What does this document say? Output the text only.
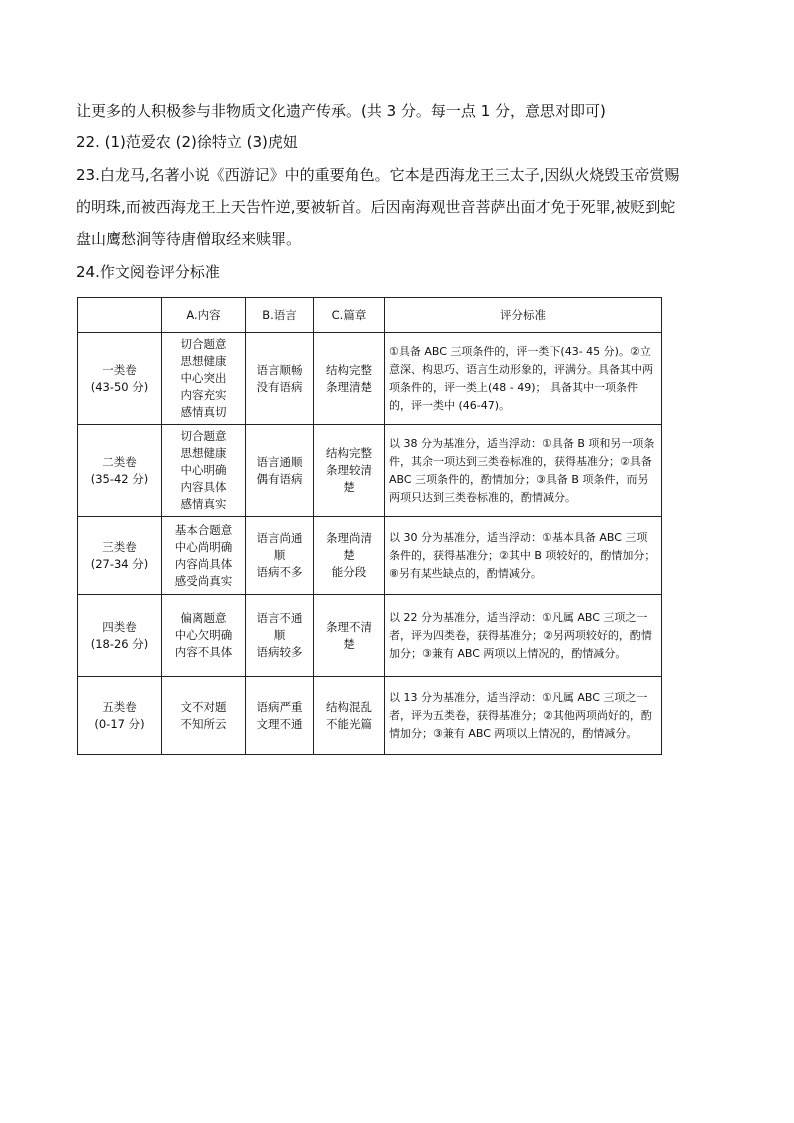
让更多的人积极参与非物质文化遗产传承。(共 3 分。每一点 1 分，意思对即可)
22. (1)范爱农 (2)徐特立 (3)虎妞
23.白龙马,名著小说《西游记》中的重要角色。它本是西海龙王三太子,因纵火烧毁玉帝赏赐
的明珠,而被西海龙王上天告忤逆,要被斩首。后因南海观世音菩萨出面才免于死罪,被贬到蛇
盘山鹰愁涧等待唐僧取经来赎罪。
24.作文阅卷评分标准
	A.内容	B.语言	C.篇章	评分标准
一类卷
(43-50 分)	切合题意
思想健康
中心突出
内容充实
感情真切	语言顺畅
没有语病	结构完整
条理清楚	①具备 ABC 三项条件的，评一类下(43- 45 分)。②立意深、构思巧、语言生动形象的，评满分。具备其中两项条件的，评一类上(48 - 49)； 具备其中一项条件的，评一类中 (46-47)。
二类卷
(35-42 分)	切合题意
思想健康
中心明确
内容具体
感情真实	语言通顺
偶有语病	结构完整
条理较清
楚	以 38 分为基准分，适当浮动：①具备 B 项和另一项条件，其余一项达到三类卷标准的，获得基准分；②具备 ABC 三项条件的，酌情加分；③具备 B 项条件，而另两项只达到三类卷标准的，酌情减分。
三类卷
(27-34 分)	基本合题意
中心尚明确
内容尚具体
感受尚真实	语言尚通
顺
语病不多	条理尚清
楚
能分段	以 30 分为基准分，适当浮动：①基本具备 ABC 三项条件的，获得基准分；②其中 B 项较好的，酌情加分；⑧另有某些缺点的，酌情减分。
四类卷
(18-26 分)	偏离题意
中心欠明确
内容不具体	语言不通
顺
语病较多	条理不清
楚	以 22 分为基准分，适当浮动：①凡属 ABC 三项之一者，评为四类卷，获得基准分；②另两项较好的，酌情加分；③兼有 ABC 两项以上情况的，酌情减分。
五类卷
(0-17 分)	文不对题
不知所云	语病严重
文理不通	结构混乱
不能光篇	以 13 分为基准分，适当浮动：①凡属 ABC 三项之一者，评为五类卷，获得基准分；②其他两项尚好的，酌情加分；③兼有 ABC 两项以上情况的，酌情减分。
